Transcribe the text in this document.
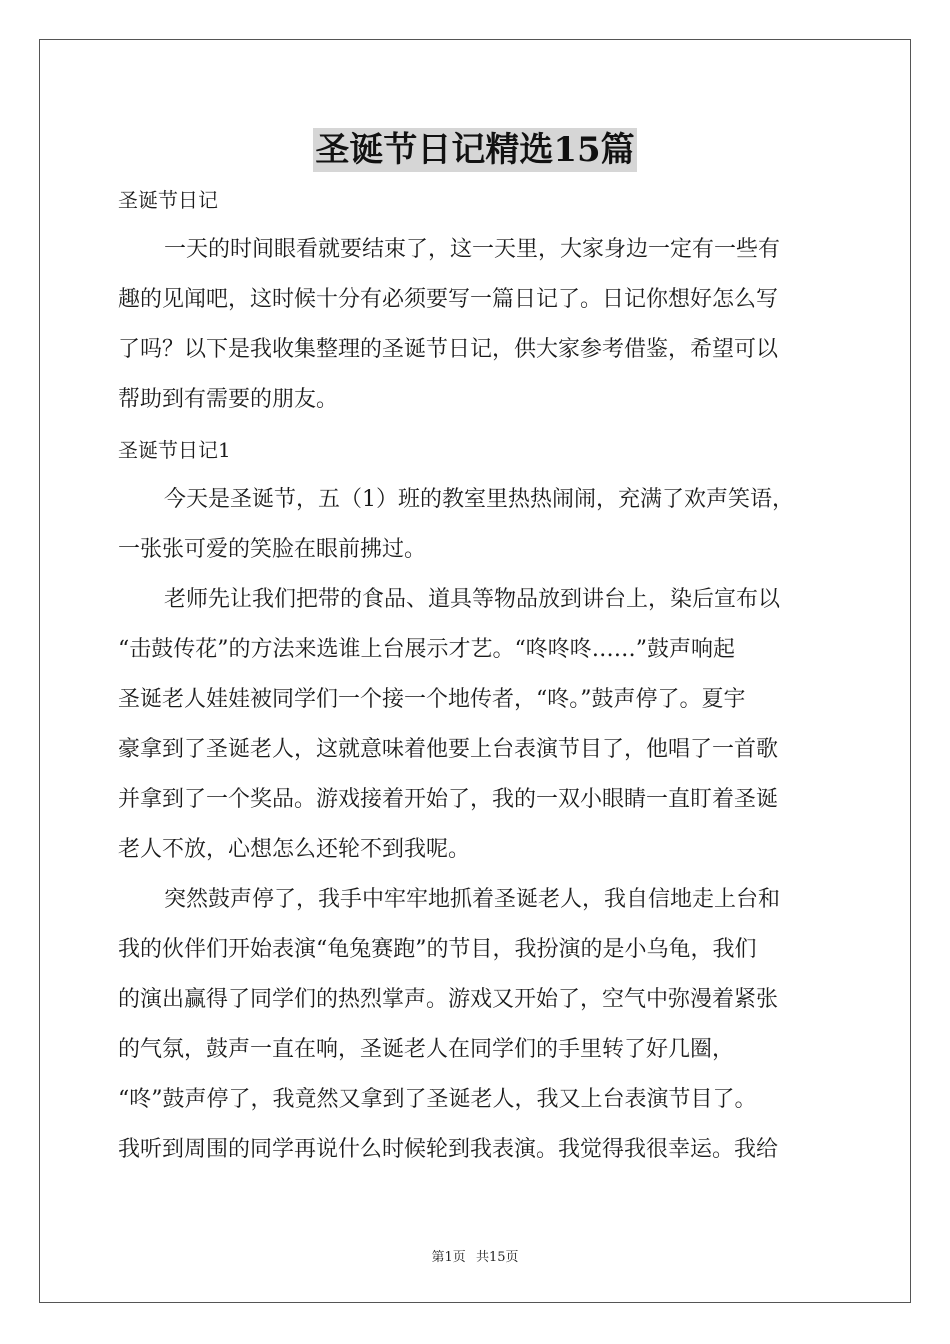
圣诞节日记精选15篇
圣诞节日记
一天的时间眼看就要结束了，这一天里，大家身边一定有一些有
趣的见闻吧，这时候十分有必须要写一篇日记了。日记你想好怎么写
了吗？以下是我收集整理的圣诞节日记，供大家参考借鉴，希望可以
帮助到有需要的朋友。
圣诞节日记1
今天是圣诞节，五（1）班的教室里热热闹闹，充满了欢声笑语，
一张张可爱的笑脸在眼前拂过。
老师先让我们把带的食品、道具等物品放到讲台上，染后宣布以
“击鼓传花”的方法来选谁上台展示才艺。“咚咚咚……”鼓声响起
圣诞老人娃娃被同学们一个接一个地传者，“咚。”鼓声停了。夏宇
豪拿到了圣诞老人，这就意味着他要上台表演节目了，他唱了一首歌
并拿到了一个奖品。游戏接着开始了，我的一双小眼睛一直盯着圣诞
老人不放，心想怎么还轮不到我呢。
突然鼓声停了，我手中牢牢地抓着圣诞老人，我自信地走上台和
我的伙伴们开始表演“龟兔赛跑”的节目，我扮演的是小乌龟，我们
的演出赢得了同学们的热烈掌声。游戏又开始了，空气中弥漫着紧张
的气氛，鼓声一直在响，圣诞老人在同学们的手里转了好几圈，
“咚”鼓声停了，我竟然又拿到了圣诞老人，我又上台表演节目了。
我听到周围的同学再说什么时候轮到我表演。我觉得我很幸运。我给
第1页 共15页
